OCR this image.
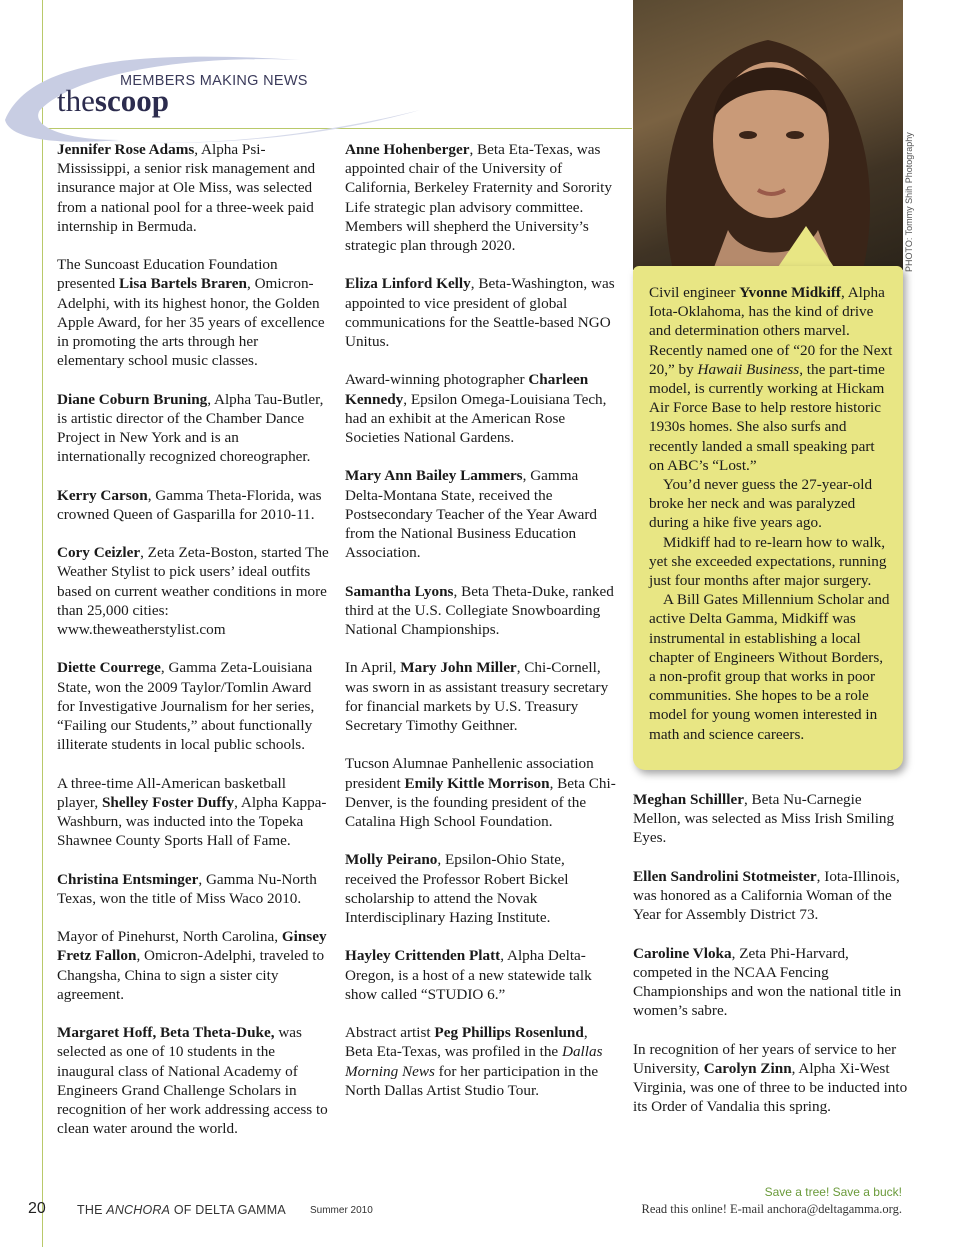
MEMBERS MAKING NEWS
thescoop

Jennifer Rose Adams, Alpha Psi-Mississippi, a senior risk management and insurance major at Ole Miss, was selected from a national pool for a three-week paid internship in Bermuda.

The Suncoast Education Foundation presented Lisa Bartels Braren, Omicron-Adelphi, with its highest honor, the Golden Apple Award, for her 35 years of excellence in promoting the arts through her elementary school music classes.

Diane Coburn Bruning, Alpha Tau-Butler, is artistic director of the Chamber Dance Project in New York and is an internationally recognized choreographer.

Kerry Carson, Gamma Theta-Florida, was crowned Queen of Gasparilla for 2010-11.

Cory Ceizler, Zeta Zeta-Boston, started The Weather Stylist to pick users’ ideal outfits based on current weather conditions in more than 25,000 cities: www.theweatherstylist.com

Diette Courrege, Gamma Zeta-Louisiana State, won the 2009 Taylor/Tomlin Award for Investigative Journalism for her series, “Failing our Students,” about functionally illiterate students in local public schools.

A three-time All-American basketball player, Shelley Foster Duffy, Alpha Kappa-Washburn, was inducted into the Topeka Shawnee County Sports Hall of Fame.

Christina Entsminger, Gamma Nu-North Texas, won the title of Miss Waco 2010.

Mayor of Pinehurst, North Carolina, Ginsey Fretz Fallon, Omicron-Adelphi, traveled to Changsha, China to sign a sister city agreement.

Margaret Hoff, Beta Theta-Duke, was selected as one of 10 students in the inaugural class of National Academy of Engineers Grand Challenge Scholars in recognition of her work addressing access to clean water around the world.

Anne Hohenberger, Beta Eta-Texas, was appointed chair of the University of California, Berkeley Fraternity and Sorority Life strategic plan advisory committee. Members will shepherd the University’s strategic plan through 2020.

Eliza Linford Kelly, Beta-Washington, was appointed to vice president of global communications for the Seattle-based NGO Unitus.

Award-winning photographer Charleen Kennedy, Epsilon Omega-Louisiana Tech, had an exhibit at the American Rose Societies National Gardens.

Mary Ann Bailey Lammers, Gamma Delta-Montana State, received the Postsecondary Teacher of the Year Award from the National Business Education Association.

Samantha Lyons, Beta Theta-Duke, ranked third at the U.S. Collegiate Snowboarding National Championships.

In April, Mary John Miller, Chi-Cornell, was sworn in as assistant treasury secretary for financial markets by U.S. Treasury Secretary Timothy Geithner.

Tucson Alumnae Panhellenic association president Emily Kittle Morrison, Beta Chi-Denver, is the founding president of the Catalina High School Foundation.

Molly Peirano, Epsilon-Ohio State, received the Professor Robert Bickel scholarship to attend the Novak Interdisciplinary Hazing Institute.

Hayley Crittenden Platt, Alpha Delta-Oregon, is a host of a new statewide talk show called “STUDIO 6.”

Abstract artist Peg Phillips Rosenlund, Beta Eta-Texas, was profiled in the Dallas Morning News for her participation in the North Dallas Artist Studio Tour.

PHOTO: Tommy Shih Photography

Civil engineer Yvonne Midkiff, Alpha Iota-Oklahoma, has the kind of drive and determination others marvel. Recently named one of “20 for the Next 20,” by Hawaii Business, the part-time model, is currently working at Hickam Air Force Base to help restore historic 1930s homes. She also surfs and recently landed a small speaking part on ABC’s “Lost.”

You’d never guess the 27-year-old broke her neck and was paralyzed during a hike five years ago.

Midkiff had to re-learn how to walk, yet she exceeded expectations, running just four months after major surgery.

A Bill Gates Millennium Scholar and active Delta Gamma, Midkiff was instrumental in establishing a local chapter of Engineers Without Borders, a non-profit group that works in poor communities. She hopes to be a role model for young women interested in math and science careers.

Meghan Schilller, Beta Nu-Carnegie Mellon, was selected as Miss Irish Smiling Eyes.

Ellen Sandrolini Stotmeister, Iota-Illinois, was honored as a California Woman of the Year for Assembly District 73.

Caroline Vloka, Zeta Phi-Harvard, competed in the NCAA Fencing Championships and won the national title in women’s sabre.

In recognition of her years of service to her University, Carolyn Zinn, Alpha Xi-West Virginia, was one of three to be inducted into its Order of Vandalia this spring.

20 THE ANCHORA OF DELTA GAMMA Summer 2010
Save a tree! Save a buck!
Read this online! E-mail anchora@deltagamma.org.
